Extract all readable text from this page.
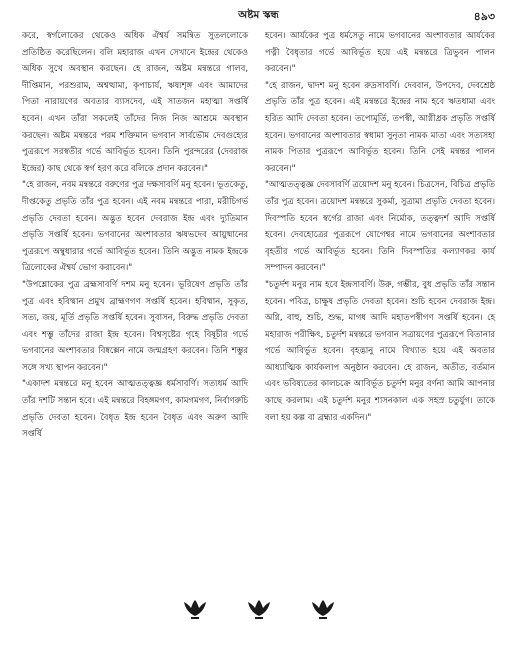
অষ্টম স্কন্ধ	৪৯৩

করে, স্বর্গলোকের থেকেও অধিক ঐশ্বর্য সমন্বিত সুতললোকে প্রতিষ্ঠিত করেছিলেন। বলি মহারাজ এখন সেখানে ইন্দ্রের থেকেও অধিক সুখে অবস্থান করছেন। হে রাজন, অষ্টম মন্বন্তরে গালব, দীপ্তিমান, পরশুরাম, অশ্বত্থামা, কৃপাচার্য, ঋষ্যশৃঙ্গ এবং আমাদের পিতা নারায়ণের অবতার ব্যাসদেব, এই সাতজন মহাত্মা সপ্তর্ষি হবেন। এখন তাঁরা সকলেই তাঁদের নিজ নিজ আশ্রমে অবস্থান করছেন। অষ্টম মন্বন্তরে পরম শক্তিমান ভগবান সার্বভৌম দেবগুহ্যের পুত্ররূপে সরস্বতীর গর্ভে আবির্ভূত হবেন। তিনি পুরন্দরের (দেবরাজ ইন্দ্রের) কাছ থেকে স্বর্গ হরণ করে বলিকে প্রদান করবেন।"

"হে রাজন, নবম মন্বন্তরে বরুণের পুত্র দক্ষসাবর্ণি মনু হবেন। ভূতকেতু, দীপ্তকেতু প্রভৃতি তাঁর পুত্র হবেন। এই নবম মন্বন্তরে পারা, মরীচিগর্ভ প্রভৃতি দেবতা হবেন। অদ্ভুত হবেন দেবরাজ ইন্দ্র এবং দ্যুতিমান প্রভৃতি সপ্তর্ষি হবেন। ভগবানের অংশাবতার ঋষভদেব আয়ুষ্মানের পুত্ররূপে অম্বুধারার গর্ভে আবির্ভূত হবেন। তিনি অদ্ভুত নামক ইন্দ্রকে ত্রিলোকের ঐশ্বর্য ভোগ করাবেন।"

"উপশ্লোকের পুত্র ব্রহ্মসাবর্ণি দশম মনু হবেন। ভূরিষেণ প্রভৃতি তাঁর পুত্র এবং হবিষ্মান প্রমুখ ব্রাহ্মণগণ সপ্তর্ষি হবেন। হবিষ্মান, সুকৃত, সত্য, জয়, মূর্তি প্রভৃতি সপ্তর্ষি হবেন। সুবাসন, বিরুদ্ধ প্রভৃতি দেবতা এবং শম্ভু তাঁদের রাজা ইন্দ্র হবেন। বিশ্বসৃষ্টের গৃহে বিষূচীর গর্ভে ভগবানের অংশাবতার বিষ্বক্সেন নামে জন্মগ্রহণ করবেন। তিনি শম্ভুর সঙ্গে সখ্য স্থাপন করবেন।"

"একাদশ মন্বন্তরে মনু হবেন আত্মতত্ত্বজ্ঞ ধর্মসাবর্ণি। সত্যধর্ম আদি তাঁর দশটি সন্তান হবে। এই মন্বন্তরে বিহঙ্গমগণ, কামগমগণ, নির্বাণরুচি প্রভৃতি দেবতা হবেন। বৈধৃত ইন্দ্র হবেন বৈধৃত এবং অরুণ আদি সপ্তর্ষি

হবেন। আর্যকের পুত্র ধর্মসেতু নামে ভগবানের অংশাবতার আর্যকের পত্নী বৈধৃতার গর্ভে আবির্ভূত হয়ে এই মন্বন্তরে ত্রিভুবন পালন করবেন।"

"হে রাজন, দ্বাদশ মনু হবেন রুদ্রসাবর্ণি। দেববান, উপদেব, দেবশ্রেষ্ঠ প্রভৃতি তাঁর পুত্র হবেন। এই মন্বন্তরে ইন্দ্রের নাম হবে ঋতধামা এবং হরিত আদি দেবতা হবেন। তপোমূর্তি, তপস্বী, আগ্নীধ্রক প্রভৃতি সপ্তর্ষি হবেন। ভগবানের অংশাবতার স্বধামা সুনৃতা নামক মাতা এবং সত্যসহা নামক পিতার পুত্ররূপে আবির্ভূত হবেন। তিনি সেই মন্বন্তর পালন করবেন।"

"আত্মতত্ত্বজ্ঞ দেবসাবর্ণি ত্রয়োদশ মনু হবেন। চিত্রসেন, বিচিত্র প্রভৃতি তাঁর পুত্র হবেন। ত্রয়োদশ মন্বন্তরে সুকর্মা, সুত্রামা প্রভৃতি দেবতা হবেন। দিবস্পতি হবেন স্বর্গের রাজা এবং নির্মোক, তত্ত্বদর্শ আদি সপ্তর্ষি হবেন। দেবহোত্রের পুত্ররূপে যোগেশ্বর নামে ভগবানের অংশাবতার বৃহতীর গর্ভে আবির্ভূত হবেন। তিনি দিবস্পতির কল্যাণকর কার্য সম্পাদন করবেন।"

"চতুর্দশ মনুর নাম হবে ইন্দ্রসাবর্ণি। উরু, গম্ভীর, বুধ প্রভৃতি তাঁর সন্তান হবেন। পবিত্র, চাক্ষুষ প্রভৃতি দেবতা হবেন। শুচি হবেন দেবরাজ ইন্দ্র। অগ্নি, বাহু, শুচি, শুদ্ধ, মাগধ আদি মহাতপস্বীগণ সপ্তর্ষি হবেন। হে মহারাজ পরীক্ষিৎ, চতুর্দশ মন্বন্তরে ভগবান সত্রায়ণের পুত্ররূপে বিতানার গর্ভে আবির্ভূত হবেন। বৃহদ্ভানু নামে বিখ্যাত হয়ে এই অবতার আধ্যাত্মিক কার্যকলাপ অনুষ্ঠান করবেন। হে রাজন, অতীত, বর্তমান এবং ভবিষ্যতের কালচক্রে আবির্ভূত চতুর্দশ মনুর বর্ণনা আমি আপনার কাছে করলাম। এই চতুর্দশ মনুর শাসনকাল এক সহস্র চতুর্যুগ। তাকে বলা হয় কল্প বা ব্রহ্মার একদিন।"
